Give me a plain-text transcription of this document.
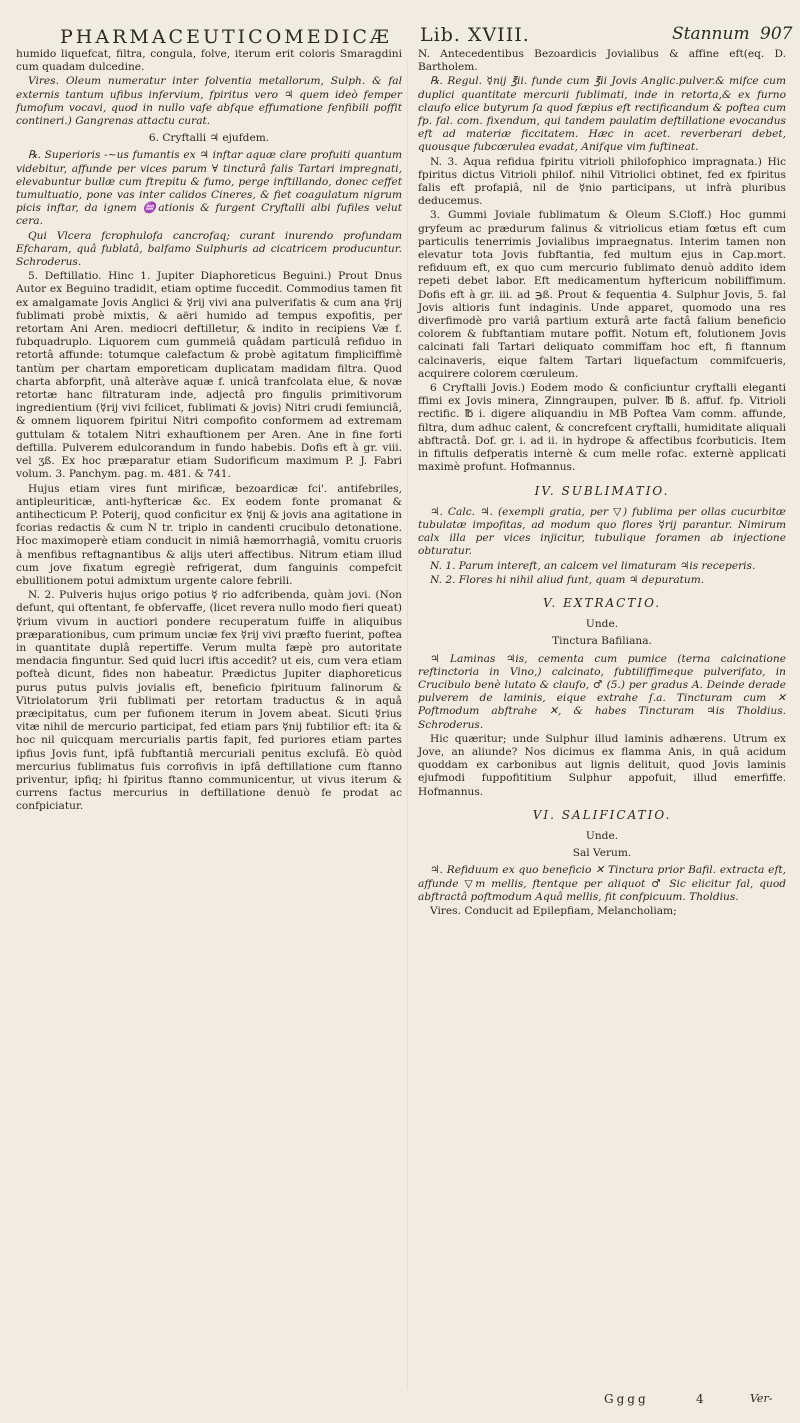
PHARMACEUTICOMEDICÆ Lib. XVIII.	Stannum 907

humido liquefcat, filtra, congula, folve, iterum erit coloris Smaragdini cum quadam dulcedine.

Vires. Oleum numeratur inter folventia metallorum, Sulph. & fal externis tantum ufibus infervium, fpiritus vero ♃ quem ideò femper fumofum vocavi, quod in nullo vafe abfque effumatione fenfibili poffit contineri.) Gangrenas attactu curat.

6. Cryftalli ♃ ejufdem.

℞. Superioris -~us fumantis ex ♃ inftar aquæ clare profuiti quantum videbitur, affunde per vices parum ∀ tincturâ falis Tartari impregnati, elevabuntur bullæ cum ftrepitu & fumo, perge inftillando, donec ceffet tumultuatio, pone vas inter calidos Cineres, & fiet coagulatum nigrum picis inftar, da ignem ♒ationis & furgent Cryftalli albi fufiles velut cera.

Qui Vlcera fcrophulofa cancrofaq; curant inurendo profundam Efcharam, quâ fublatâ, balfamo Sulphuris ad cicatricem producuntur. Schroderus.

5. Deftillatio. Hinc 1. Jupiter Diaphoreticus Beguini.) Prout Dnus Autor ex Beguino tradidit, etiam optime fuccedit. Commodius tamen fit ex amalgamate Jovis Anglici & ☿rij vivi ana pulverifatis & cum ana ☿rij fublimati probè mixtis, & aëri humido ad tempus expofitis, per retortam Ani Aren. mediocri deftilletur, & indito in recipiens Væ f. fubquadruplo. Liquorem cum gummeiâ quâdam particulâ refiduo in retortâ affunde: totumque calefactum & probè agitatum fimpliciffimè tantùm per chartam emporeticam duplicatam madidam filtra. Quod charta abforpfit, unâ alteràve aquæ f. unicâ tranfcolata elue, & novæ retortæ hanc filtraturam inde, adjectâ pro fingulis primitivorum ingredientium (☿rij vivi fcilicet, fublimati & jovis) Nitri crudi femiunciâ, & omnem liquorem fpiritui Nitri compofito conformem ad extremam guttulam & totalem Nitri exhauftionem per Aren. Ane in fine forti deftilla. Pulverem edulcorandum in fundo habebis. Dofis eft à gr. viii. vel ʒß. Ex hoc præparatur etiam Sudorificum maximum P. J. Fabri volum. 3. Panchym. pag. m. 481. & 741.

Hujus etiam vires funt mirificæ, bezoardicæ fci'. antifebriles, antipleuriticæ, anti-hyftericæ &c. Ex eodem fonte promanat & antihecticum P. Poterij, quod conficitur ex ☿nij & jovis ana agitatione in fcorias redactis & cum N tr. triplo in candenti crucibulo detonatione. Hoc maximoperè etiam conducit in nimiâ hæmorrhagiâ, vomitu cruoris à menfibus reftagnantibus & alijs uteri affectibus. Nitrum etiam illud cum jove fixatum egregiè refrigerat, dum fanguinis compefcit ebullitionem potui admixtum urgente calore febrili.

N. 2. Pulveris hujus origo potius ☿ rio adfcribenda, quàm jovi. (Non defunt, qui oftentant, fe obfervaffe, (licet revera nullo modo fieri queat) ☿rium vivum in auctiori pondere recuperatum fuiffe in aliquibus præparationibus, cum primum unciæ fex ☿rij vivi præfto fuerint, poftea in quantitate duplâ repertiffe. Verum multa fæpè pro autoritate mendacia finguntur. Sed quid lucri iftis accedit? ut eis, cum vera etiam pofteà dicunt, fides non habeatur. Prædictus Jupiter diaphoreticus purus putus pulvis jovialis eft, beneficio fpirituum falinorum & Vitriolatorum ☿rii fublimati per retortam traductus & in aquâ præcipitatus, cum per fufionem iterum in Jovem abeat. Sicuti ☿rius vitæ nihil de mercurio participat, fed etiam pars ☿nij fubtilior eft: ita & hoc nil quicquam mercurialis partis fapit, fed puriores etiam partes ipfius Jovis funt, ipfâ fubftantiâ mercuriali penitus exclufâ. Eò quòd mercurius fublimatus fuis corrofivis in ipfâ deftillatione cum ftanno priventur, ipfiq; hi fpiritus ftanno communicentur, ut vivus iterum & currens factus mercurius in deftillatione denuò fe prodat ac confpiciatur.

N. Antecedentibus Bezoardicis Jovialibus & affine eft(eq. D. Bartholem.

℞. Regul. ☿nij ℥ii. funde cum ℥ii Jovis Anglic.pulver.& mifce cum duplici quantitate mercurii fublimati, inde in retorta,& ex furno claufo elice butyrum ſa quod fæpius eft rectificandum & poftea cum fp. fal. com. fixendum, qui tandem paulatim deftillatione evocandus eft ad materiæ ficcitatem. Hæc in acet. reverberari debet, quousque fubcœrulea evadat, Anifque vim fuftineat.

N. 3. Aqua refidua fpiritu vitrioli philofophico impragnata.) Hic fpiritus dictus Vitrioli philof. nihil Vitriolici obtinet, fed ex fpiritus falis eft profapiâ, nil de ☿nio participans, ut infrà pluribus deducemus.

3. Gummi Joviale fublimatum & Oleum S.Cloff.) Hoc gummi gryfeum ac prædurum falinus & vitriolicus etiam fœtus eft cum particulis tenerrimis Jovialibus impraegnatus. Interim tamen non elevatur tota Jovis fubftantia, fed multum ejus in Cap.mort. refiduum eft, ex quo cum mercurio fublimato denuò addito idem repeti debet labor. Eft medicamentum hyftericum nobiliffimum. Dofis eft à gr. iii. ad ℈ß. Prout & fequentia 4. Sulphur Jovis, 5. fal Jovis altioris funt indaginis. Unde apparet, quomodo una res diverfimodè pro variâ partium exturâ arte factâ falium beneficio colorem & fubftantiam mutare poffit. Notum eft, folutionem Jovis calcinati fali Tartari deliquato commiffam hoc eft, fi ftannum calcinaveris, eique faltem Tartari liquefactum commifcueris, acquirere colorem cœruleum.

6 Cryftalli Jovis.) Eodem modo & conficiuntur cryftalli eleganti ffimi ex Jovis minera, Zinngraupen, pulver. ℔ ß. affuf. fp. Vitrioli rectific. ℔ i. digere aliquandiu in MB Poftea Vam comm. affunde, filtra, dum adhuc calent, & concrefcent cryftalli, humiditate aliquali abftractâ. Dof. gr. i. ad ii. in hydrope & affectibus fcorbuticis. Item in fiftulis defperatis internè & cum melle rofac. externè applicati maximè profunt. Hofmannus.

IV. SUBLIMATIO.

♃. Calc. ♃. (exempli gratia, per ▽) fublima per ollas cucurbitæ tubulatæ impofitas, ad modum quo flores ☿rij parantur. Nimirum calx illa per vices injicitur, tubulique foramen ab injectione obturatur.

N. 1. Parum intereft, an calcem vel limaturam ♃is receperis.

N. 2. Flores hi nihil aliud funt, quam ♃ depuratum.

V. EXTRACTIO.

Unde.

Tinctura Bafiliana.

♃ Laminas ♃is, cementa cum pumice (terna calcinatione reftinctoria in Vino,) calcinato, fubtiliffimeque pulverifato, in Crucibulo benè lutato & claufo, ♂ (5.) per gradus A. Deinde derade pulverem de laminis, eique extrahe ſ.a. Tincturam cum ✕ Poftmodum abftrahe ✕, & habes Tincturam ♃is Tholdius. Schroderus.

Hic quæritur; unde Sulphur illud laminis adhærens. Utrum ex Jove, an aliunde? Nos dicimus ex flamma Anis, in quâ acidum quoddam ex carbonibus aut lignis delituit, quod Jovis laminis ejufmodi fuppofititium Sulphur appofuit, illud emerfiffe. Hofmannus.

VI. SALIFICATIO.

Unde.

Sal Verum.

♃. Refiduum ex quo beneficio ✕ Tinctura prior Bafil. extracta eft, affunde ▽m mellis, ftentque per aliquot ♂ Sic elicitur fal, quod abftractâ poftmodum Aquâ mellis, fit confpicuum. Tholdius.

Vires. Conducit ad Epilepfiam, Melancholiam;

Gggg	4	Ver-
